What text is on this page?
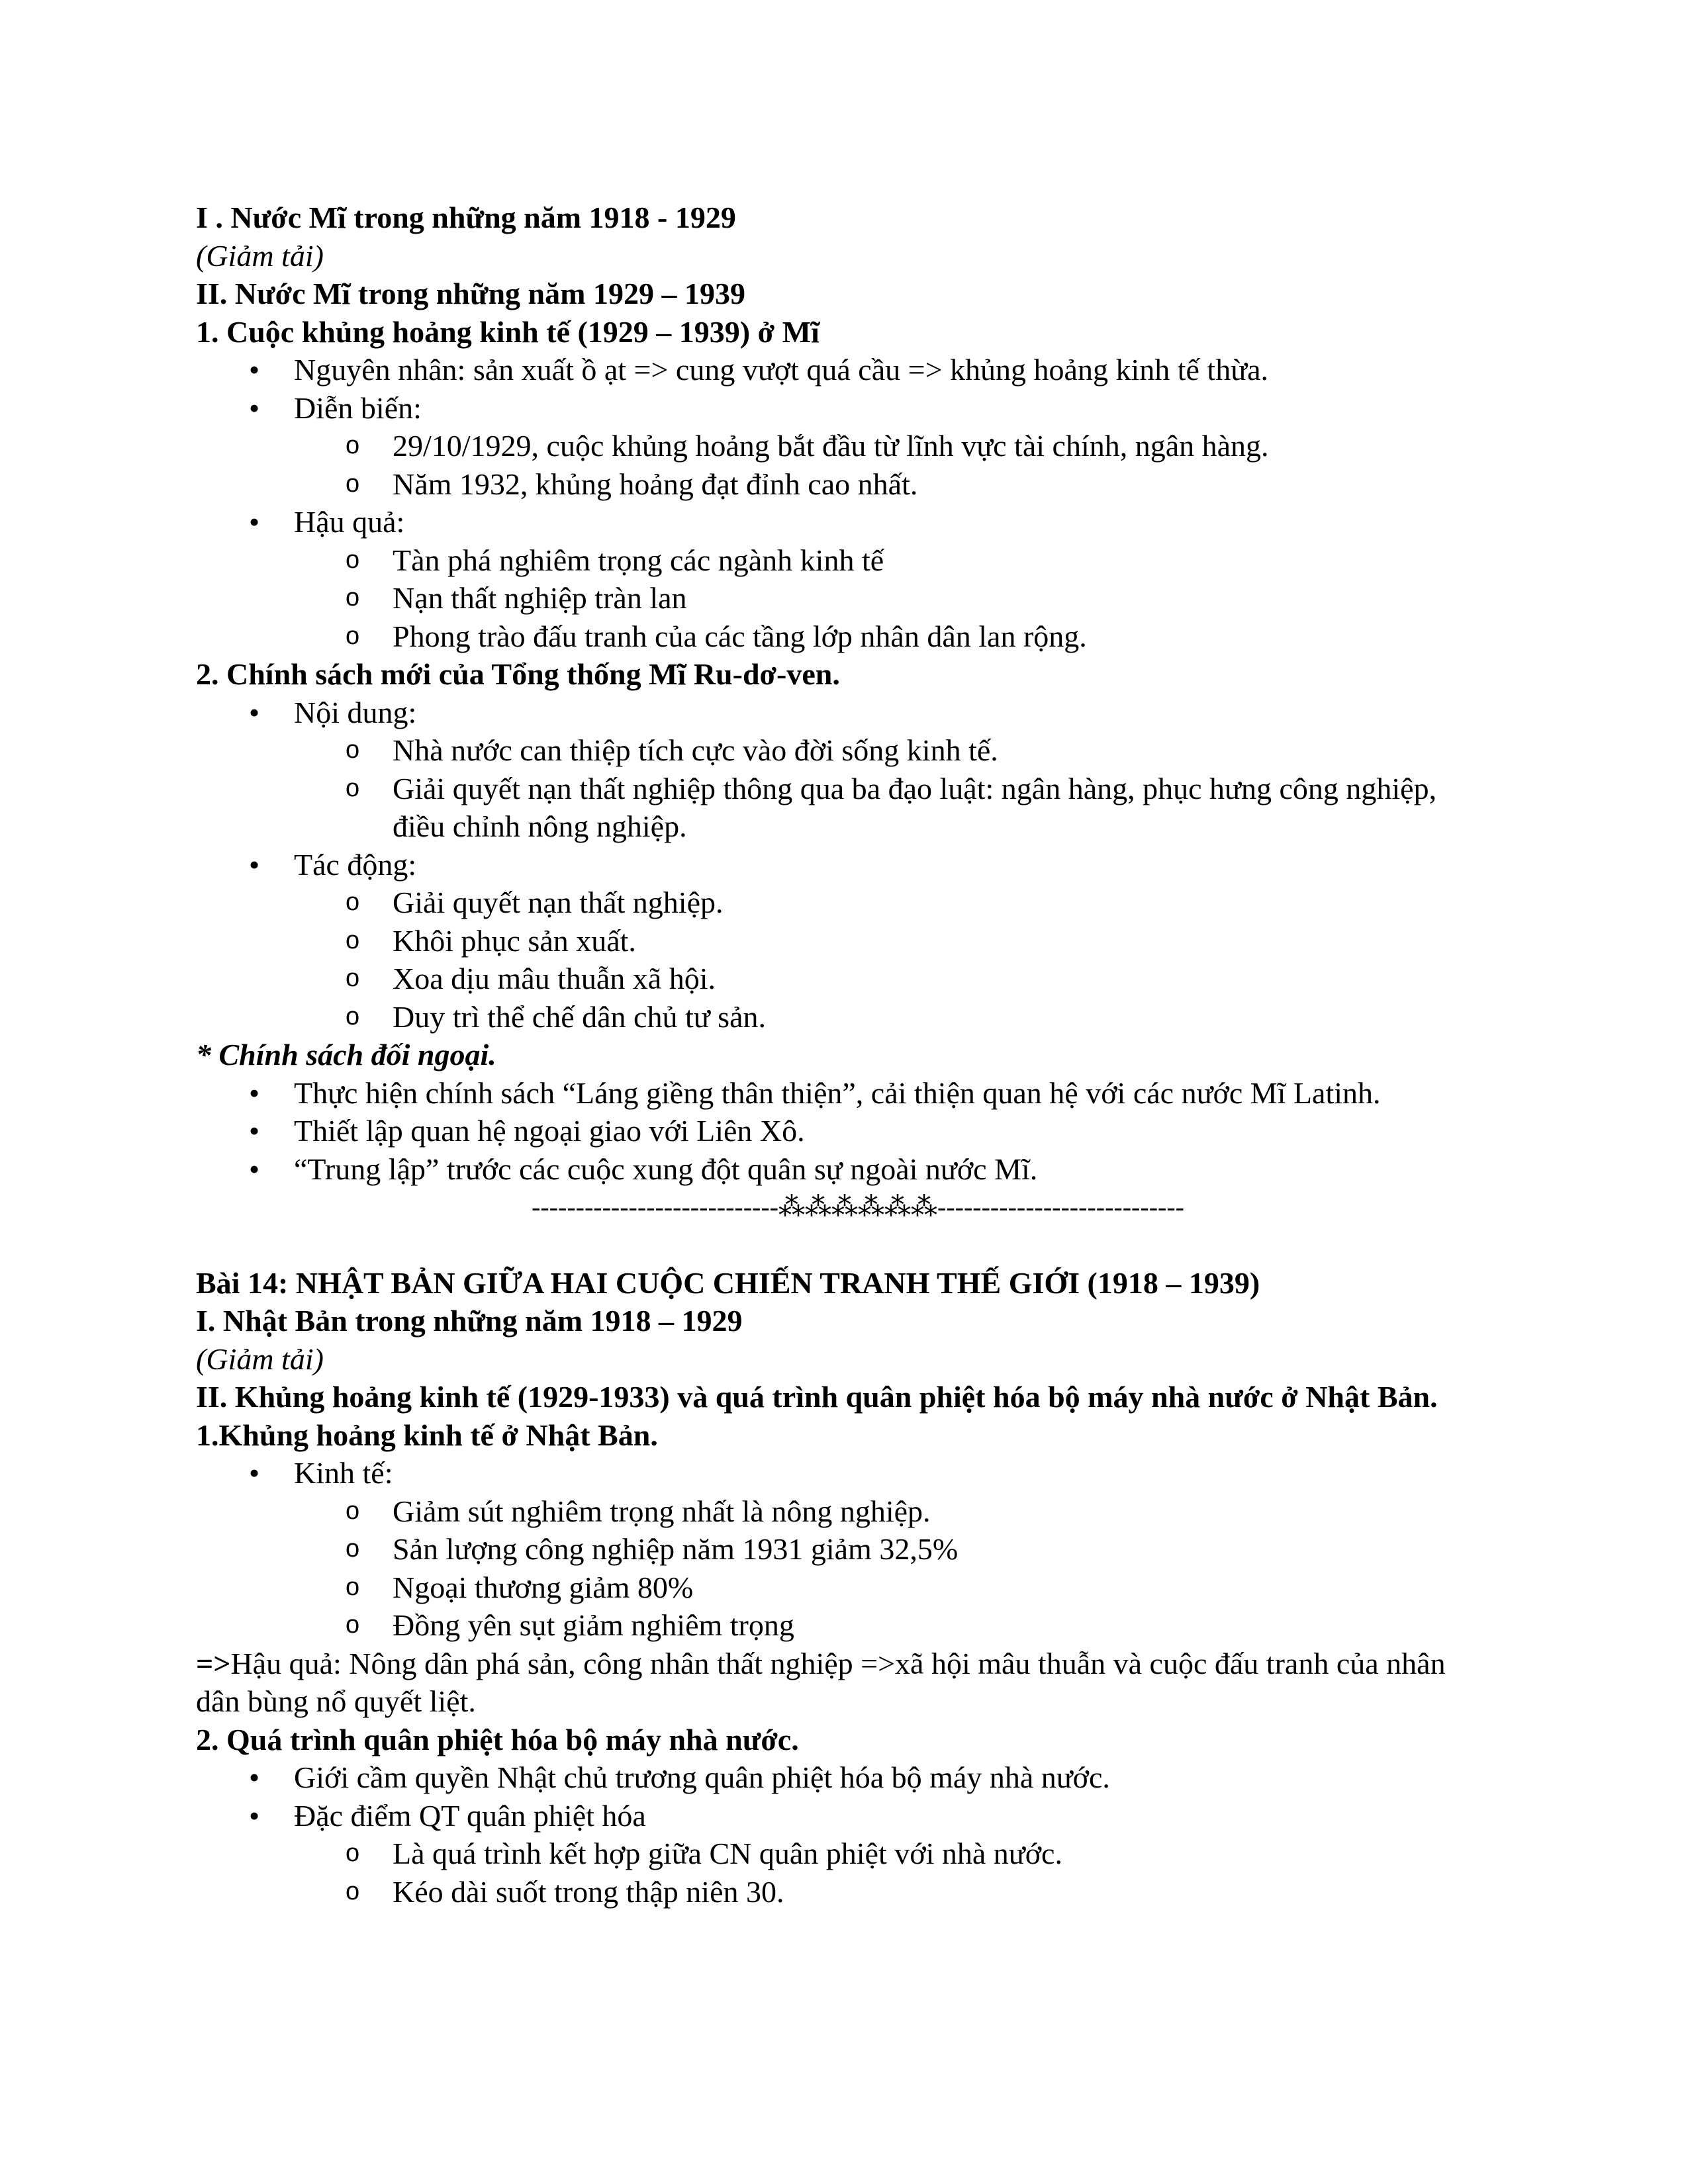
I . Nước Mĩ trong những năm 1918 - 1929
(Giảm tải)
II. Nước Mĩ trong những năm 1929 – 1939
1. Cuộc khủng hoảng kinh tế (1929 – 1939) ở Mĩ
• Nguyên nhân: sản xuất ồ ạt => cung vượt quá cầu => khủng hoảng kinh tế thừa.
• Diễn biến:
o 29/10/1929, cuộc khủng hoảng bắt đầu từ lĩnh vực tài chính, ngân hàng.
o Năm 1932, khủng hoảng đạt đỉnh cao nhất.
• Hậu quả:
o Tàn phá nghiêm trọng các ngành kinh tế
o Nạn thất nghiệp tràn lan
o Phong trào đấu tranh của các tầng lớp nhân dân lan rộng.
2. Chính sách mới của Tổng thống Mĩ Ru-dơ-ven.
• Nội dung:
o Nhà nước can thiệp tích cực vào đời sống kinh tế.
o Giải quyết nạn thất nghiệp thông qua ba đạo luật: ngân hàng, phục hưng công nghiệp, điều chỉnh nông nghiệp.
• Tác động:
o Giải quyết nạn thất nghiệp.
o Khôi phục sản xuất.
o Xoa dịu mâu thuẫn xã hội.
o Duy trì thể chế dân chủ tư sản.
* Chính sách đối ngoại.
• Thực hiện chính sách “Láng giềng thân thiện”, cải thiện quan hệ với các nước Mĩ Latinh.
• Thiết lập quan hệ ngoại giao với Liên Xô.
• “Trung lập” trước các cuộc xung đột quân sự ngoài nước Mĩ.
----------------------------⁂⁂⁂⁂⁂⁂----------------------------
Bài 14: NHẬT BẢN GIỮA HAI CUỘC CHIẾN TRANH THẾ GIỚI (1918 – 1939)
I. Nhật Bản trong những năm 1918 – 1929
(Giảm tải)
II. Khủng hoảng kinh tế (1929-1933) và quá trình quân phiệt hóa bộ máy nhà nước ở Nhật Bản.
1.Khủng hoảng kinh tế ở Nhật Bản.
• Kinh tế:
o Giảm sút nghiêm trọng nhất là nông nghiệp.
o Sản lượng công nghiệp năm 1931 giảm 32,5%
o Ngoại thương giảm 80%
o Đồng yên sụt giảm nghiêm trọng
=>Hậu quả: Nông dân phá sản, công nhân thất nghiệp =>xã hội mâu thuẫn và cuộc đấu tranh của nhân dân bùng nổ quyết liệt.
2. Quá trình quân phiệt hóa bộ máy nhà nước.
• Giới cầm quyền Nhật chủ trương quân phiệt hóa bộ máy nhà nước.
• Đặc điểm QT quân phiệt hóa
o Là quá trình kết hợp giữa CN quân phiệt với nhà nước.
o Kéo dài suốt trong thập niên 30.
